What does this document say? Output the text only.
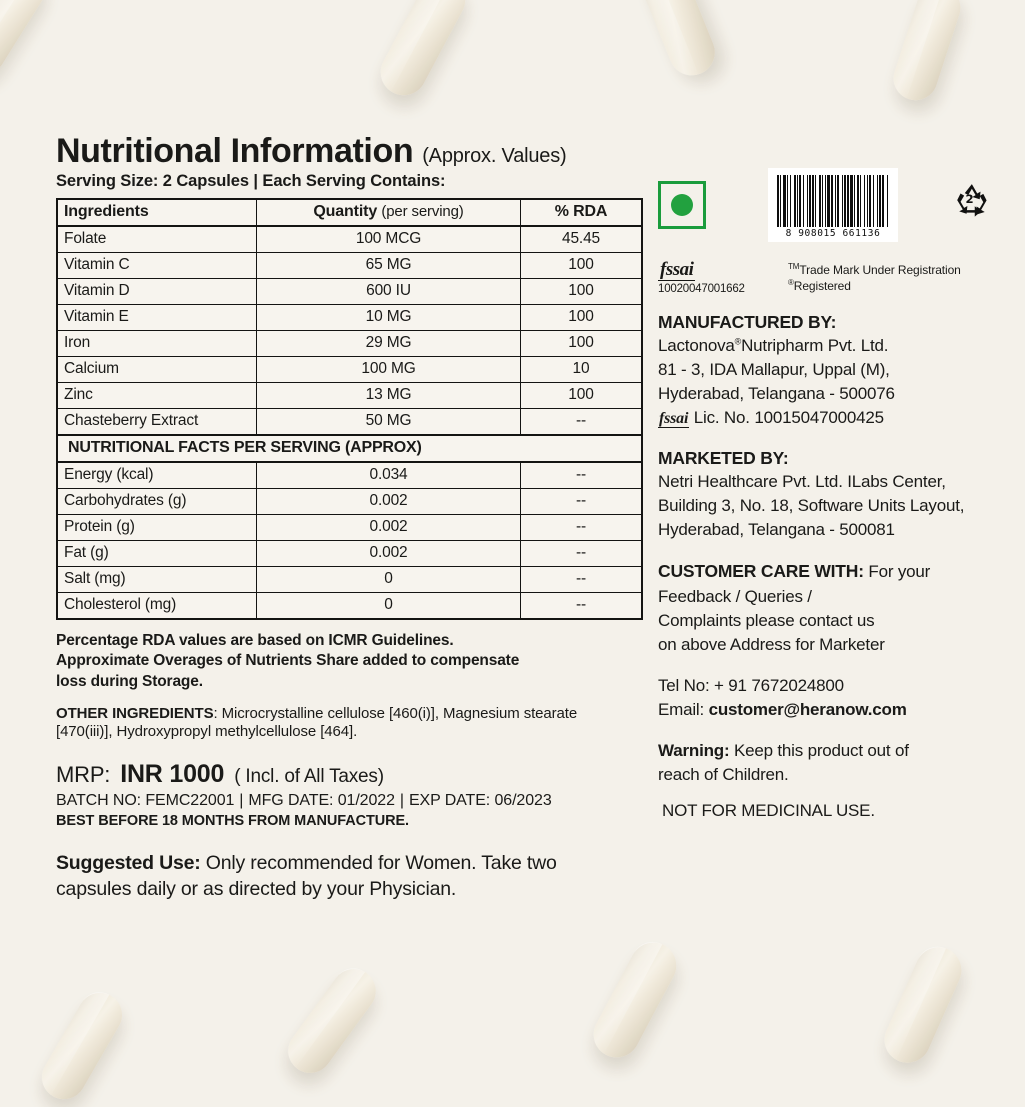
Nutritional Information (Approx. Values)
Serving Size: 2 Capsules | Each Serving Contains:
Ingredients	Quantity (per serving)	% RDA
Folate	100 MCG	45.45
Vitamin C	65 MG	100
Vitamin D	600 IU	100
Vitamin E	10 MG	100
Iron	29 MG	100
Calcium	100 MG	10
Zinc	13 MG	100
Chasteberry Extract	50 MG	--
NUTRITIONAL FACTS PER SERVING (APPROX)		
Energy (kcal)	0.034	--
Carbohydrates (g)	0.002	--
Protein (g)	0.002	--
Fat (g)	0.002	--
Salt (mg)	0	--
Cholesterol (mg)	0	--
Percentage RDA values are based on ICMR Guidelines.
Approximate Overages of Nutrients Share added to compensate
loss during Storage.
OTHER INGREDIENTS: Microcrystalline cellulose [460(i)], Magnesium stearate [470(iii)], Hydroxypropyl methylcellulose [464].
MRP: INR 1000 ( Incl. of All Taxes)
BATCH NO: FEMC22001 | MFG DATE: 01/2022 | EXP DATE: 06/2023
BEST BEFORE 18 MONTHS FROM MANUFACTURE.
Suggested Use: Only recommended for Women. Take two capsules daily or as directed by your Physician.
8 908015 661136
2
fssai
10020047001662
™Trade Mark Under Registration
®Registered
MANUFACTURED BY:
Lactonova®Nutripharm Pvt. Ltd.
81 - 3, IDA Mallapur, Uppal (M),
Hyderabad, Telangana - 500076
fssai Lic. No. 10015047000425
MARKETED BY:
Netri Healthcare Pvt. Ltd. ILabs Center,
Building 3, No. 18, Software Units Layout,
Hyderabad, Telangana - 500081
CUSTOMER CARE WITH: For your
Feedback / Queries /
Complaints please contact us
on above Address for Marketer
Tel No: + 91 7672024800
Email: customer@heranow.com
Warning: Keep this product out of
reach of Children.
NOT FOR MEDICINAL USE.
